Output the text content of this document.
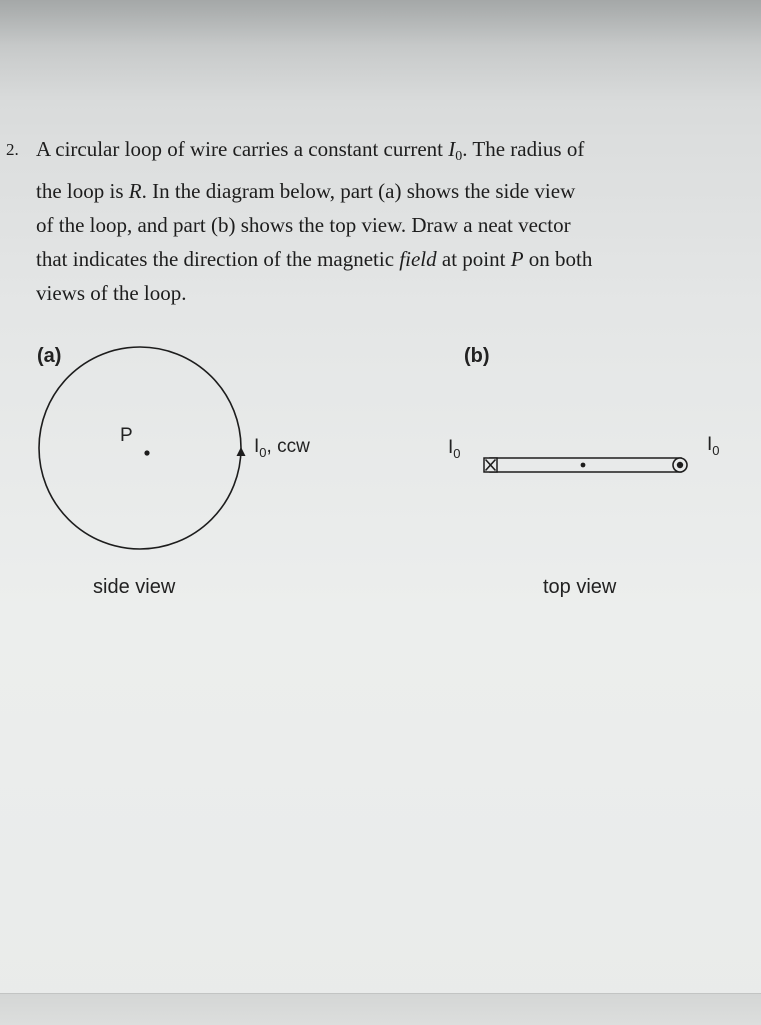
2. A circular loop of wire carries a constant current $I_0$. The radius of
the loop is R. In the diagram below, part (a) shows the side view
of the loop, and part (b) shows the top view. Draw a neat vector
that indicates the direction of the magnetic field at point P on both
views of the loop.
(a)
P
$I_0$, ccw
side view
(b)
$I_0$	$I_0$
top view
